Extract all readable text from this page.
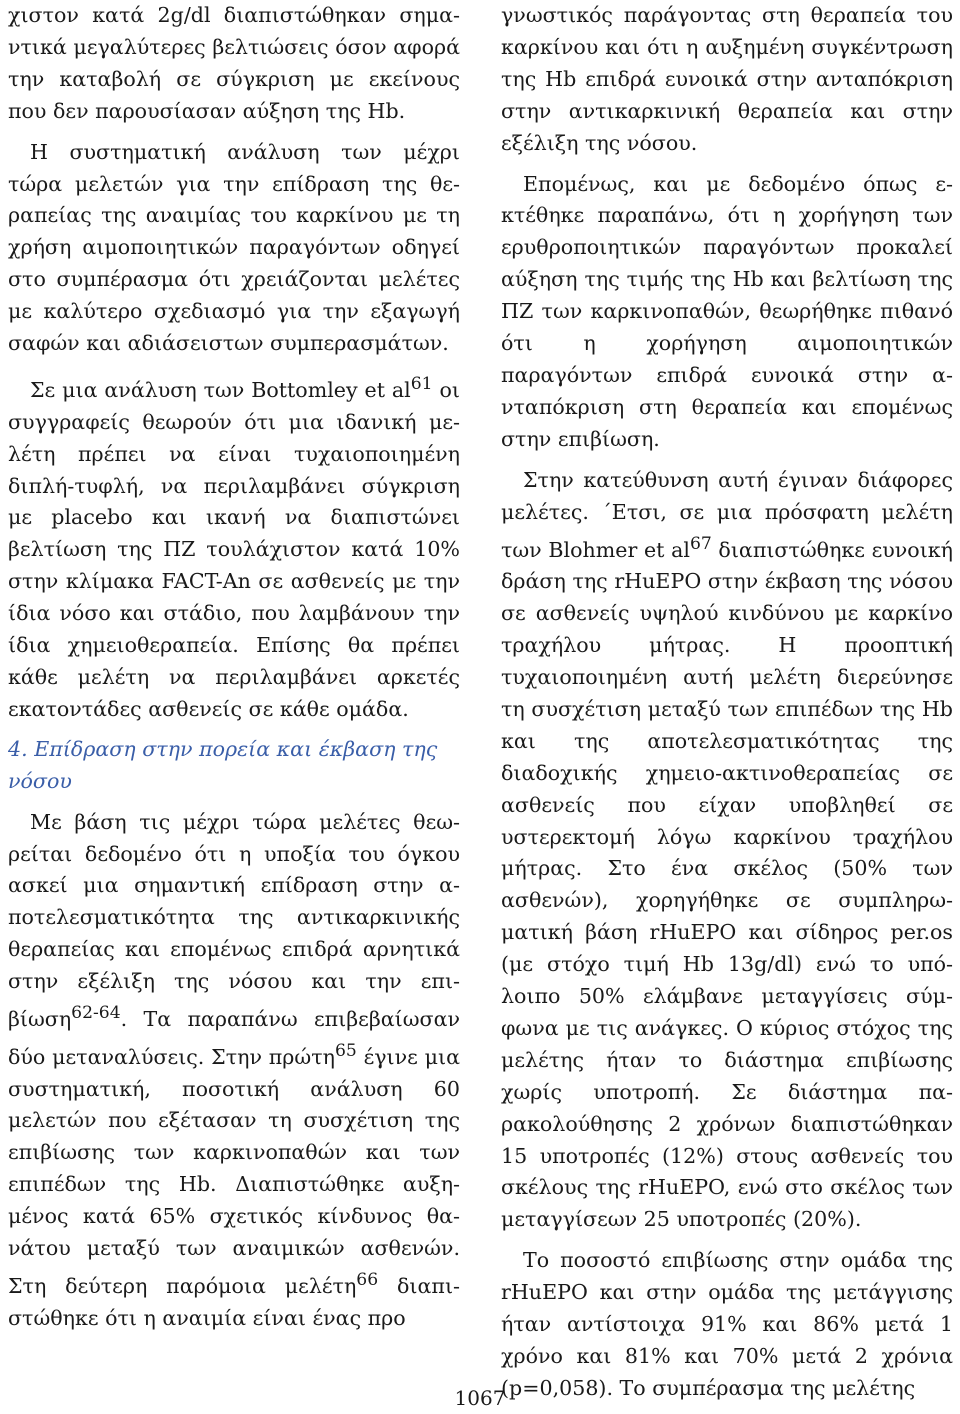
χιστον κατά 2g/dl διαπιστώθηκαν σημαντικά μεγαλύτερες βελτιώσεις όσον αφορά την καταβολή σε σύγκριση με εκείνους που δεν παρουσίασαν αύξηση της Hb.

Η συστηματική ανάλυση των μέχρι τώρα μελετών για την επίδραση της θεραπείας της αναιμίας του καρκίνου με τη χρήση αιμοποιητικών παραγόντων οδηγεί στο συμπέρασμα ότι χρειάζονται μελέτες με καλύτερο σχεδιασμό για την εξαγωγή σαφών και αδιάσειστων συμπερασμάτων.

Σε μια ανάλυση των Bottomley et $al^{61}$ οι συγγραφείς θεωρούν ότι μια ιδανική μελέτη πρέπει να είναι τυχαιοποιημένη διπλή-τυφλή, να περιλαμβάνει σύγκριση με placebo και ικανή να διαπιστώνει βελτίωση της ΠΖ τουλάχιστον κατά 10% στην κλίμακα FACT-An σε ασθενείς με την ίδια νόσο και στάδιο, που λαμβάνουν την ίδια χημειοθεραπεία. Επίσης θα πρέπει κάθε μελέτη να περιλαμβάνει αρκετές εκατοντάδες ασθενείς σε κάθε ομάδα.

4. Επίδραση στην πορεία και έκβαση της νόσου

Με βάση τις μέχρι τώρα μελέτες θεωρείται δεδομένο ότι η υποξία του όγκου ασκεί μια σημαντική επίδραση στην αποτελεσματικότητα της αντικαρκινικής θεραπείας και επομένως επιδρά αρνητικά στην εξέλιξη της νόσου και την επιβίωση$^{62-64}$. Τα παραπάνω επιβεβαίωσαν δύο μεταναλύσεις. Στην πρώτη$^{65}$ έγινε μια συστηματική, ποσοτική ανάλυση 60 μελετών που εξέτασαν τη συσχέτιση της επιβίωσης των καρκινοπαθών και των επιπέδων της Hb. Διαπιστώθηκε αυξημένος κατά 65% σχετικός κίνδυνος θανάτου μεταξύ των αναιμικών ασθενών. Στη δεύτερη παρόμοια μελέτη$^{66}$ διαπιστώθηκε ότι η αναιμία είναι ένας προ

γνωστικός παράγοντας στη θεραπεία του καρκίνου και ότι η αυξημένη συγκέντρωση της Hb επιδρά ευνοικά στην ανταπόκριση στην αντικαρκινική θεραπεία και στην εξέλιξη της νόσου.

Επομένως, και με δεδομένο όπως εκτέθηκε παραπάνω, ότι η χορήγηση των ερυθροποιητικών παραγόντων προκαλεί αύξηση της τιμής της Hb και βελτίωση της ΠΖ των καρκινοπαθών, θεωρήθηκε πιθανό ότι η χορήγηση αιμοποιητικών παραγόντων επιδρά ευνοικά στην ανταπόκριση στη θεραπεία και επομένως στην επιβίωση.

Στην κατεύθυνση αυτή έγιναν διάφορες μελέτες. ΄Ετσι, σε μια πρόσφατη μελέτη των Blohmer et $al^{67}$ διαπιστώθηκε ευνοική δράση της rHuEPO στην έκβαση της νόσου σε ασθενείς υψηλού κινδύνου με καρκίνο τραχήλου μήτρας. Η προοπτική τυχαιοποιημένη αυτή μελέτη διερεύνησε τη συσχέτιση μεταξύ των επιπέδων της Hb και της αποτελεσματικότητας της διαδοχικής χημειο-ακτινοθεραπείας σε ασθενείς που είχαν υποβληθεί σε υστερεκτομή λόγω καρκίνου τραχήλου μήτρας. Στο ένα σκέλος (50% των ασθενών), χορηγήθηκε σε συμπληρωματική βάση rHuEPO και σίδηρος per.os (με στόχο τιμή Hb 13g/dl) ενώ το υπόλοιπο 50% ελάμβανε μεταγγίσεις σύμφωνα με τις ανάγκες. Ο κύριος στόχος της μελέτης ήταν το διάστημα επιβίωσης χωρίς υποτροπή. Σε διάστημα παρακολούθησης 2 χρόνων διαπιστώθηκαν 15 υποτροπές (12%) στους ασθενείς του σκέλους της rHuEPO, ενώ στο σκέλος των μεταγγίσεων 25 υποτροπές (20%).

Το ποσοστό επιβίωσης στην ομάδα της rHuEPO και στην ομάδα της μετάγγισης ήταν αντίστοιχα 91% και 86% μετά 1 χρόνο και 81% και 70% μετά 2 χρόνια (p=0,058). Το συμπέρασμα της μελέτης

1067
